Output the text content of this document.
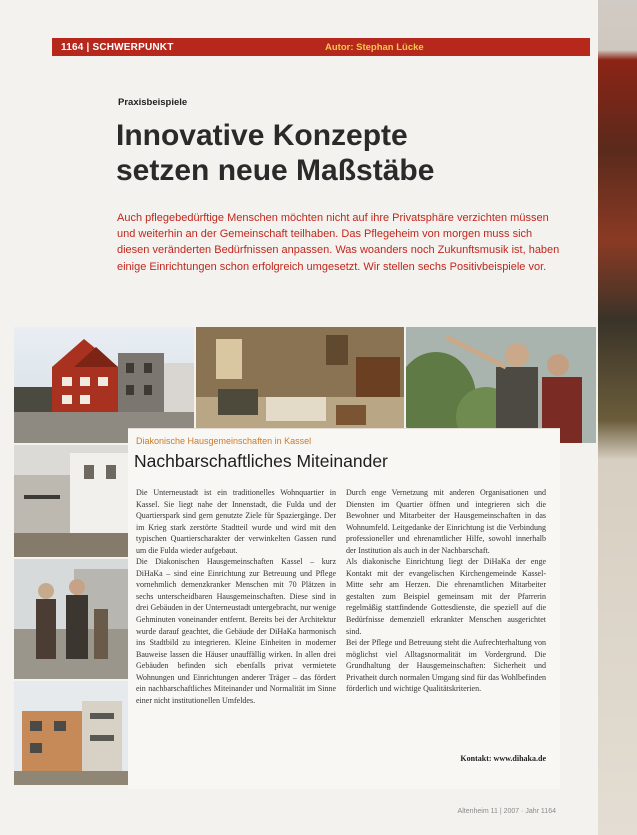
1164 | SCHWERPUNKT	Autor: Stephan Lücke
Praxisbeispiele
Innovative Konzepte
setzen neue Maßstäbe

Auch pflegebedürftige Menschen möchten nicht auf ihre Privatsphäre verzichten müssen und weiterhin an der Gemeinschaft teilhaben. Das Pflegeheim von morgen muss sich diesen veränderten Bedürfnissen anpassen. Was woanders noch Zukunftsmusik ist, haben einige Einrichtungen schon erfolgreich umgesetzt. Wir stellen sechs Positivbeispiele vor.

Diakonische Hausgemeinschaften in Kassel
Nachbarschaftliches Miteinander

Die Unterneustadt ist ein traditionelles Wohnquartier in Kassel. Sie liegt nahe der Innenstadt, die Fulda und der Quartierspark sind gern genutzte Ziele für Spaziergänge. Der im Krieg stark zerstörte Stadtteil wurde und wird mit den typischen Quartierscharakter der verwinkelten Gassen rund um die Fulda wieder aufgebaut.

Die Diakonischen Hausgemeinschaften Kassel – kurz DiHaKa – sind eine Einrichtung zur Betreuung und Pflege vornehmlich demenzkranker Menschen mit 70 Plätzen in sechs unterscheidbaren Hausgemeinschaften. Diese sind in drei Gebäuden in der Unterneustadt untergebracht, nur wenige Gehminuten voneinander entfernt. Bereits bei der Architektur wurde darauf geachtet, die Gebäude der DiHaKa harmonisch ins Stadtbild zu integrieren. Kleine Einheiten in moderner Bauweise lassen die Häuser unauffällig wirken. In allen drei Gebäuden befinden sich ebenfalls privat vermietete Wohnungen und Einrichtungen anderer Träger – das fördert ein nachbarschaftliches Miteinander und Normalität im Sinne einer nicht institutionellen Umfeldes.

Durch enge Vernetzung mit anderen Organisationen und Diensten im Quartier öffnen und integrieren sich die Bewohner und Mitarbeiter der Hausgemeinschaften in das Wohnumfeld. Leitgedanke der Einrichtung ist die Verbindung professioneller und ehrenamtlicher Hilfe, sowohl innerhalb der Institution als auch in der Nachbarschaft.

Als diakonische Einrichtung liegt der DiHaKa der enge Kontakt mit der evangelischen Kirchengemeinde Kassel-Mitte sehr am Herzen. Die ehrenamtlichen Mitarbeiter gestalten zum Beispiel gemeinsam mit der Pfarrerin regelmäßig stattfindende Gottesdienste, die speziell auf die Bedürfnisse demenziell erkrankter Menschen ausgerichtet sind.

Bei der Pflege und Betreuung steht die Aufrechterhaltung von möglichst viel Alltagsnormalität im Vordergrund. Die Grundhaltung der Hausgemeinschaften: Sicherheit und Privatheit durch normalen Umgang sind für das Wohlbefinden förderlich und wichtige Qualitätskriterien.

Kontakt: www.dihaka.de
Altenheim 11 | 2007 · Jahr 1164
